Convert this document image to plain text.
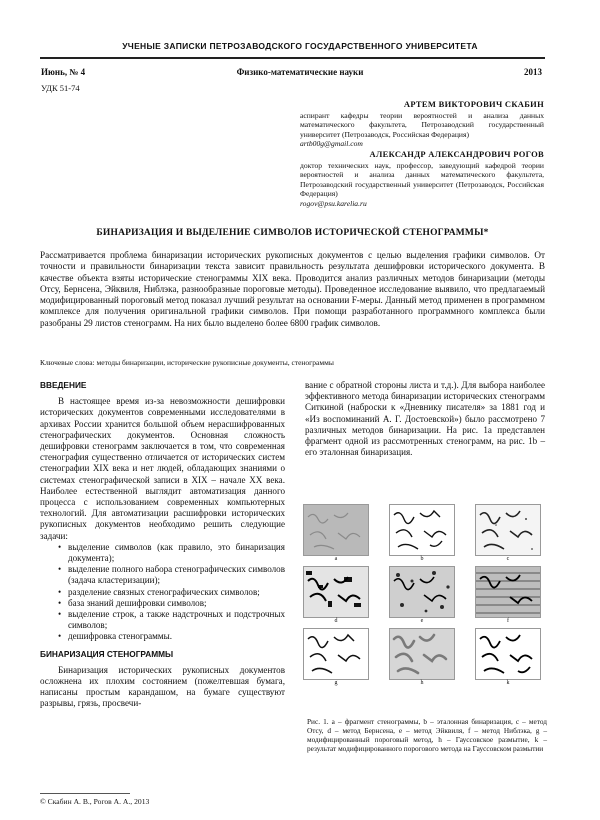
УЧЕНЫЕ ЗАПИСКИ ПЕТРОЗАВОДСКОГО ГОСУДАРСТВЕННОГО УНИВЕРСИТЕТА
Июнь, № 4	Физико-математические науки	2013
УДК 51-74
АРТЕМ ВИКТОРОВИЧ СКАБИН
аспирант кафедры теории вероятностей и анализа данных математического факультета, Петрозаводский государственный университет (Петрозаводск, Российская Федерация)
artb00g@gmail.com
АЛЕКСАНДР АЛЕКСАНДРОВИЧ РОГОВ
доктор технических наук, профессор, заведующий кафедрой теории вероятностей и анализа данных математического факультета, Петрозаводский государственный университет (Петрозаводск, Российская Федерация)
rogov@psu.karelia.ru
БИНАРИЗАЦИЯ И ВЫДЕЛЕНИЕ СИМВОЛОВ ИСТОРИЧЕСКОЙ СТЕНОГРАММЫ*
Рассматривается проблема бинаризации исторических рукописных документов с целью выделения графики символов. От точности и правильности бинаризации текста зависит правильность результата дешифровки исторического документа. В качестве объекта взяты исторические стенограммы XIX века. Проводится анализ различных методов бинаризации (методы Отсу, Бернсена, Эйквиля, Ниблэка, разнообразные пороговые методы). Проведенное исследование выявило, что предлагаемый модифицированный пороговый метод показал лучший результат на основании F-меры. Данный метод применен в программном комплексе для получения оригинальной графики символов. При помощи разработанного программного комплекса были разобраны 29 листов стенограмм. На них было выделено более 6800 график символов.
Ключевые слова: методы бинаризации, исторические рукописные документы, стенограммы
ВВЕДЕНИЕ

В настоящее время из-за невозможности дешифровки исторических документов современными исследователями в архивах России хранится большой объем нерасшифрованных стенографических документов. Основная сложность дешифровки стенограмм заключается в том, что современная стенография существенно отличается от исторических систем стенографии XIX века и нет людей, обладающих знаниями о системах стенографической записи в XIX – начале XX века. Наиболее естественной выглядит автоматизация данного процесса с использованием современных компьютерных технологий. Для автоматизации расшифровки исторических рукописных документов необходимо решить следующие задачи:

• выделение символов (как правило, это бинаризация документа);
• выделение полного набора стенографических символов (задача кластеризации);
• разделение связных стенографических символов;
• база знаний дешифровки символов;
• выделение строк, а также надстрочных и подстрочных символов;
• дешифровка стенограммы.
БИНАРИЗАЦИЯ СТЕНОГРАММЫ

Бинаризация исторических рукописных документов осложнена их плохим состоянием (пожелтевшая бумага, написаны простым карандашом, на бумаге существуют разрывы, грязь, просвечи-

вание с обратной стороны листа и т.д.). Для выбора наиболее эффективного метода бинаризации исторических стенограмм Ситкиной (наброски к «Дневнику писателя» за 1881 год и «Из воспоминаний А. Г. Достоевской») было рассмотрено 7 различных методов бинаризации. На рис. 1а представлен фрагмент одной из рассмотренных стенограмм, на рис. 1b – его эталонная бинаризация.

a	b	c
d	e	f
g	h	k
Рис. 1. a – фрагмент стенограммы, b – эталонная бинаризация, c – метод Отсу, d – метод Бернсена, e – метод Эйквиля, f – метод Ниблэка, g – модифицированный пороговый метод, h – Гауссовское размытие, k – результат модифицированного порогового метода на Гауссовском размытии
© Скабин А. В., Рогов А. А., 2013
